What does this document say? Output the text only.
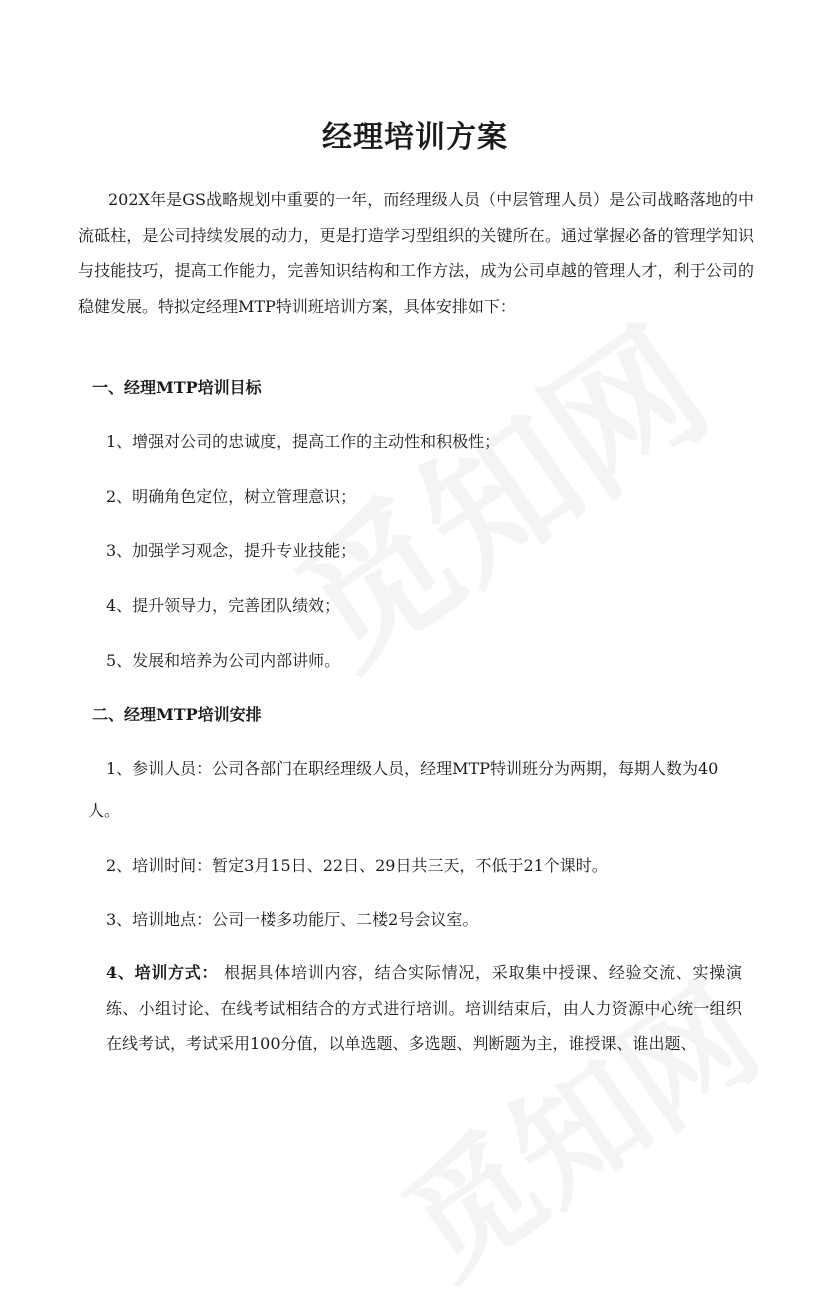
经理培训方案

202X年是GS战略规划中重要的一年，而经理级人员（中层管理人员）是公司战略落地的中流砥柱，是公司持续发展的动力，更是打造学习型组织的关键所在。通过掌握必备的管理学知识与技能技巧，提高工作能力，完善知识结构和工作方法，成为公司卓越的管理人才，利于公司的稳健发展。特拟定经理MTP特训班培训方案，具体安排如下：

一、经理MTP培训目标

1、增强对公司的忠诚度，提高工作的主动性和积极性；

2、明确角色定位，树立管理意识；

3、加强学习观念，提升专业技能；

4、提升领导力，完善团队绩效；

5、发展和培养为公司内部讲师。

二、经理MTP培训安排

1、参训人员：公司各部门在职经理级人员，经理MTP特训班分为两期，每期人数为40

人。

2、培训时间：暂定3月15日、22日、29日共三天，不低于21个课时。

3、培训地点：公司一楼多功能厅、二楼2号会议室。

4、培训方式： 根据具体培训内容，结合实际情况，采取集中授课、经验交流、实操演练、小组讨论、在线考试相结合的方式进行培训。培训结束后，由人力资源中心统一组织在线考试，考试采用100分值，以单选题、多选题、判断题为主，谁授课、谁出题、
